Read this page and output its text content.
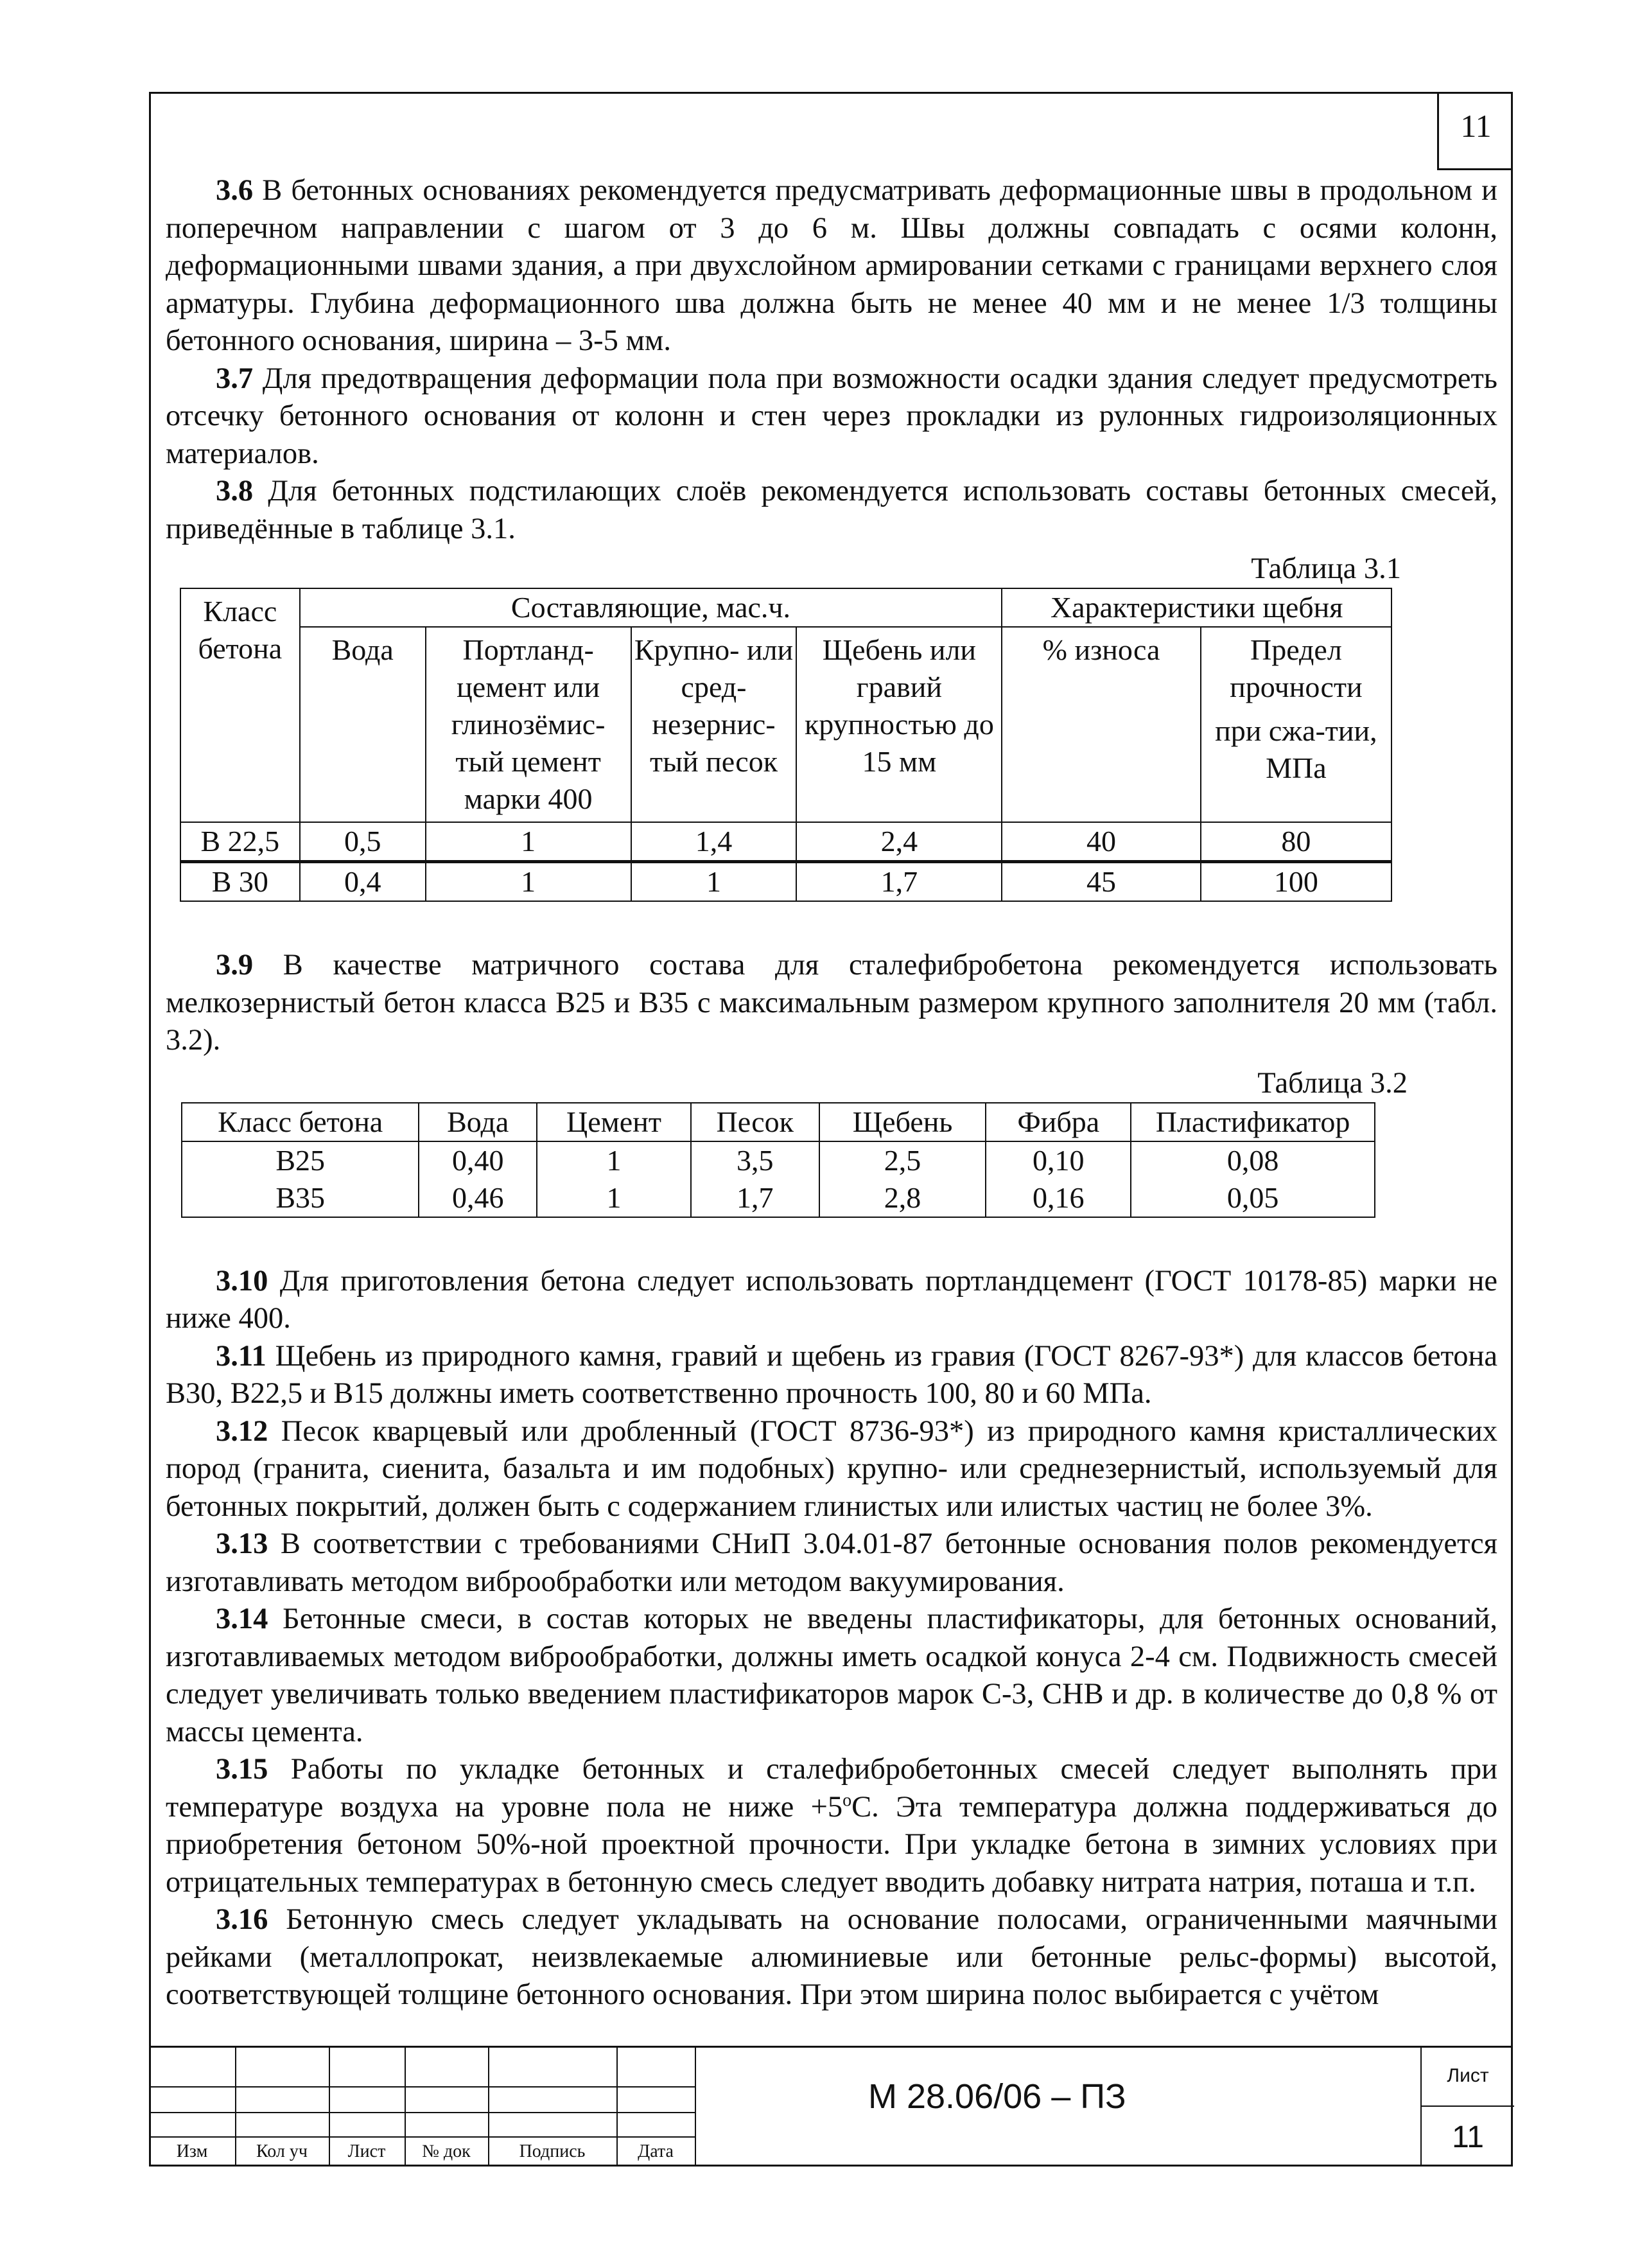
11

3.6 В бетонных основаниях рекомендуется предусматривать деформационные швы в продольном и поперечном направлении с шагом от 3 до 6 м. Швы должны совпадать с осями колонн, деформационными швами здания, а при двухслойном армировании сетками с границами верхнего слоя арматуры. Глубина деформационного шва должна быть не менее 40 мм и не менее 1/3 толщины бетонного основания, ширина – 3-5 мм.

3.7 Для предотвращения деформации пола при возможности осадки здания следует предусмотреть отсечку бетонного основания от колонн и стен через прокладки из рулонных гидроизоляционных материалов.

3.8 Для бетонных подстилающих слоёв рекомендуется использовать составы бетонных смесей, приведённые в таблице 3.1.

Таблица 3.1
Класс бетона	Составляющие, мас.ч.				Характеристики щебня	
	Вода	Портланд-цемент или глинозёмис-тый цемент марки 400	Крупно- или сред-незернис-тый песок	Щебень или гравий крупностью до 15 мм	% износа	Предел прочности
при сжа-тии, МПа

В 22,5	0,5	1	1,4	2,4	40	80
В 30	0,4	1	1	1,7	45	100

3.9 В качестве матричного состава для сталефибробетона рекомендуется использовать мелкозернистый бетон класса В25 и В35 с максимальным размером крупного заполнителя 20 мм (табл. 3.2).

Таблица 3.2
Класс бетона	Вода	Цемент	Песок	Щебень	Фибра	Пластификатор
В25	0,40	1	3,5	2,5	0,10	0,08
В35	0,46	1	1,7	2,8	0,16	0,05

3.10 Для приготовления бетона следует использовать портландцемент (ГОСТ 10178-85) марки не ниже 400.

3.11 Щебень из природного камня, гравий и щебень из гравия (ГОСТ 8267-93*) для классов бетона В30, В22,5 и В15 должны иметь соответственно прочность 100, 80 и 60 МПа.

3.12 Песок кварцевый или дробленный (ГОСТ 8736-93*) из природного камня кристаллических пород (гранита, сиенита, базальта и им подобных) крупно- или среднезернистый, используемый для бетонных покрытий, должен быть с содержанием глинистых или илистых частиц не более 3%.

3.13 В соответствии с требованиями СНиП 3.04.01-87 бетонные основания полов рекомендуется изготавливать методом виброобработки или методом вакуумирования.

3.14 Бетонные смеси, в состав которых не введены пластификаторы, для бетонных оснований, изготавливаемых методом виброобработки, должны иметь осадкой конуса 2-4 см. Подвижность смесей следует увеличивать только введением пластификаторов марок С-3, СНВ и др. в количестве до 0,8 % от массы цемента.

3.15 Работы по укладке бетонных и сталефибробетонных смесей следует выполнять при температуре воздуха на уровне пола не ниже $+5^oС$. Эта температура должна поддерживаться до приобретения бетоном 50%-ной проектной прочности. При укладке бетона в зимних условиях при отрицательных температурах в бетонную смесь следует вводить добавку нитрата натрия, поташа и т.п.

3.16 Бетонную смесь следует укладывать на основание полосами, ограниченными маячными рейками (металлопрокат, неизвлекаемые алюминиевые или бетонные рельс-формы) высотой, соответствующей толщине бетонного основания. При этом ширина полос выбирается с учётом

Изм	Кол уч	Лист	№ док	Подпись	Дата
М 28.06/06 – ПЗ
Лист
11
